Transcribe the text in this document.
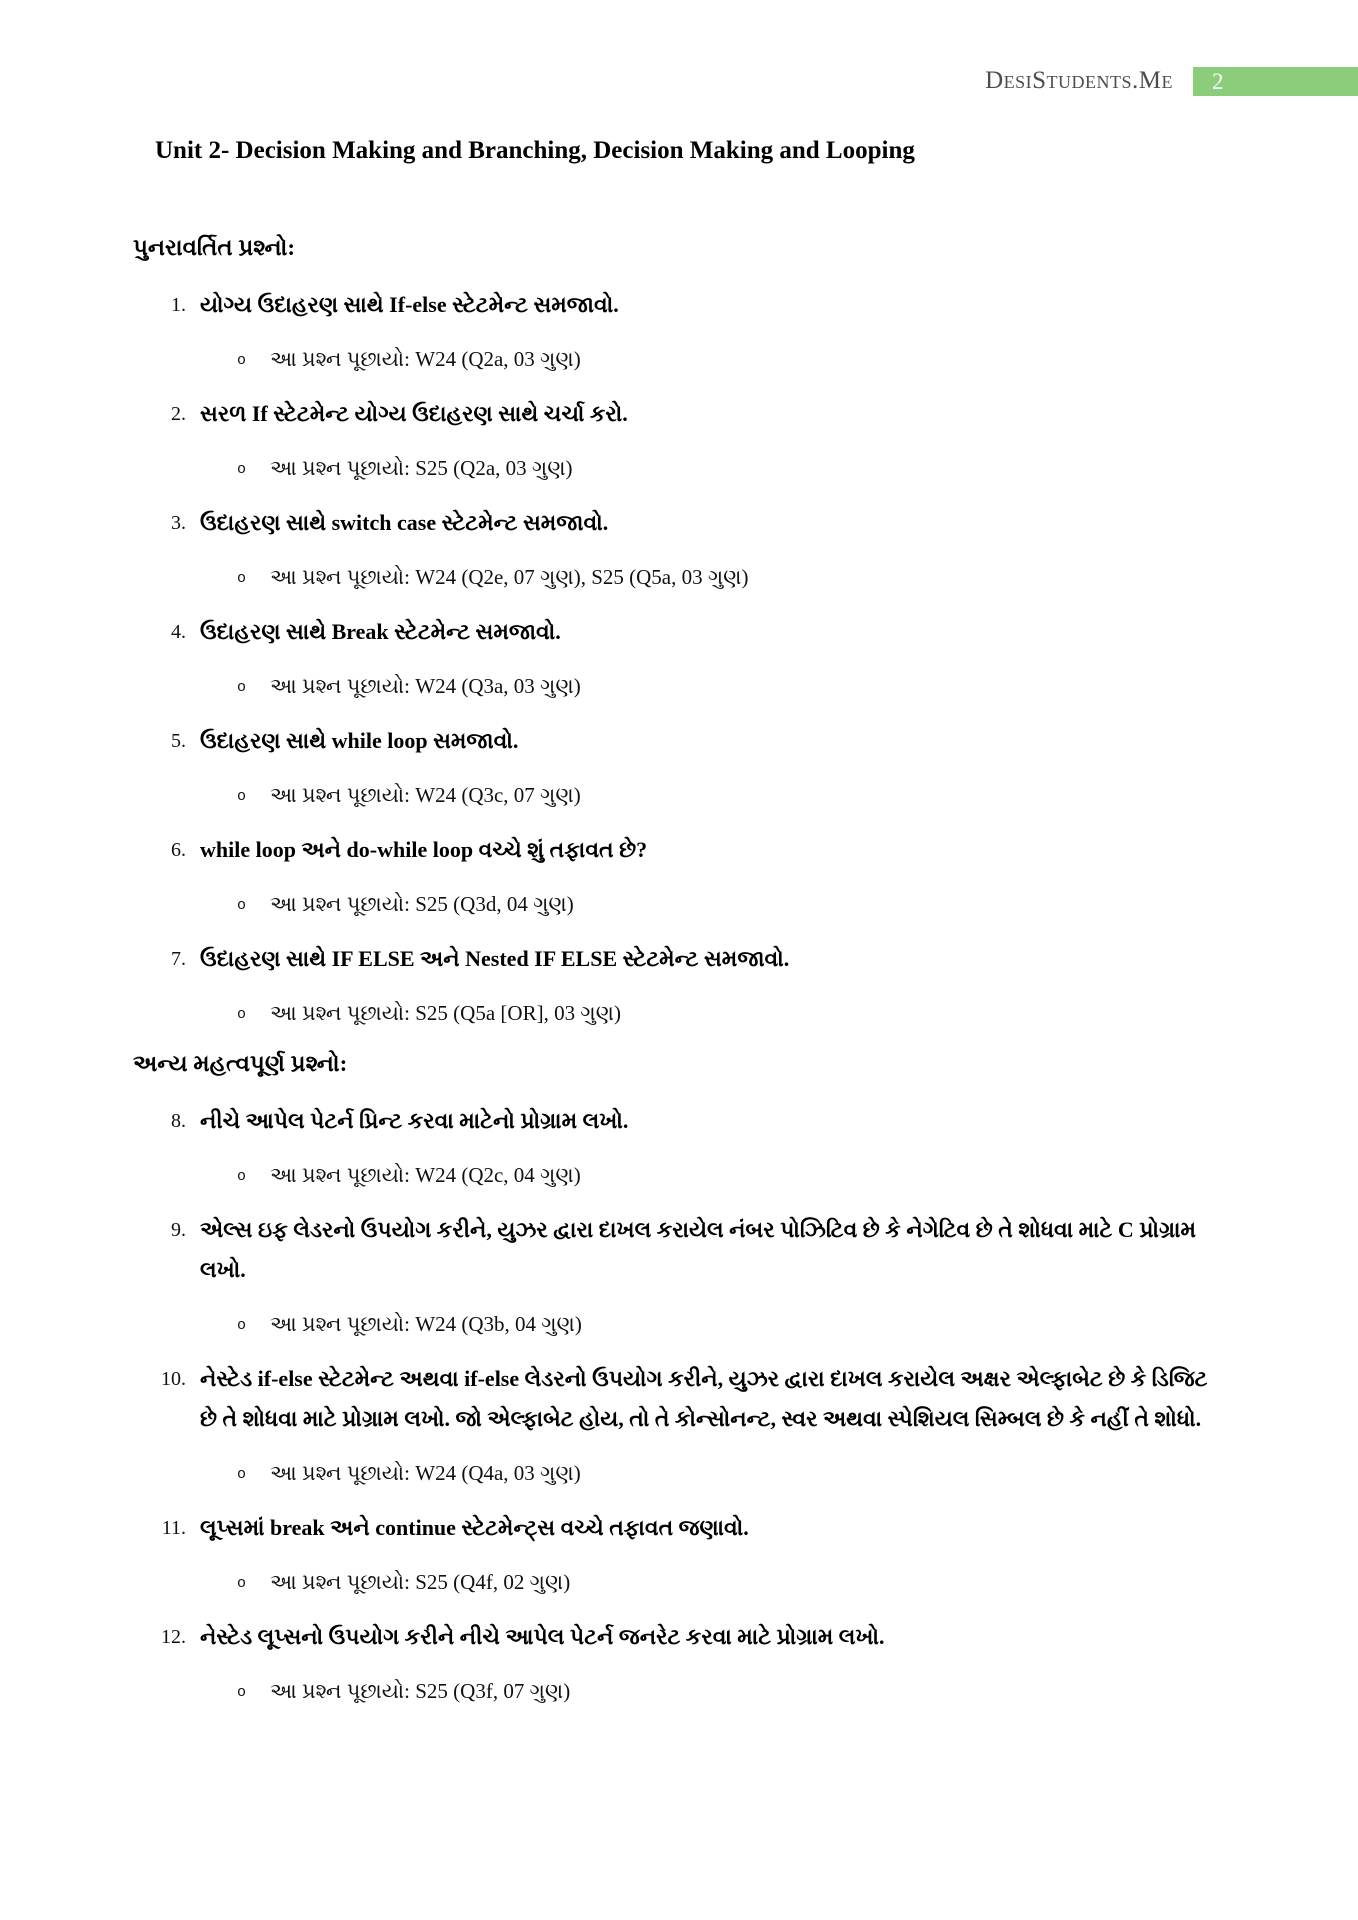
DesiStudents.Me 2
Unit 2- Decision Making and Branching, Decision Making and Looping
પુનરાવર્તિત પ્રશ્નો:
1. યોગ્ય ઉદાહરણ સાથે If-else સ્ટેટમેન્ટ સમજાવો.

o આ પ્રશ્ન પૂછાયો: W24 (Q2a, 03 ગુણ)

2. સરળ If સ્ટેટમેન્ટ યોગ્ય ઉદાહરણ સાથે ચર્ચા કરો.

o આ પ્રશ્ન પૂછાયો: S25 (Q2a, 03 ગુણ)

3. ઉદાહરણ સાથે switch case સ્ટેટમેન્ટ સમજાવો.

o આ પ્રશ્ન પૂછાયો: W24 (Q2e, 07 ગુણ), S25 (Q5a, 03 ગુણ)

4. ઉદાહરણ સાથે Break સ્ટેટમેન્ટ સમજાવો.

o આ પ્રશ્ન પૂછાયો: W24 (Q3a, 03 ગુણ)

5. ઉદાહરણ સાથે while loop સમજાવો.

o આ પ્રશ્ન પૂછાયો: W24 (Q3c, 07 ગુણ)

6. while loop અને do-while loop વચ્ચે શું તફાવત છે?

o આ પ્રશ્ન પૂછાયો: S25 (Q3d, 04 ગુણ)

7. ઉદાહરણ સાથે IF ELSE અને Nested IF ELSE સ્ટેટમેન્ટ સમજાવો.

o આ પ્રશ્ન પૂછાયો: S25 (Q5a [OR], 03 ગુણ)

અન્ય મહત્વપૂર્ણ પ્રશ્નો:
8. નીચે આપેલ પેટર્ન પ્રિન્ટ કરવા માટેનો પ્રોગ્રામ લખો.

o આ પ્રશ્ન પૂછાયો: W24 (Q2c, 04 ગુણ)

9. એલ્સ ઇફ લેડરનો ઉપયોગ કરીને, યુઝર દ્વારા દાખલ કરાયેલ નંબર પોઝિટિવ છે કે નેગેટિવ છે તે શોધવા માટે C પ્રોગ્રામ લખો.

o આ પ્રશ્ન પૂછાયો: W24 (Q3b, 04 ગુણ)

10. નેસ્ટેડ if-else સ્ટેટમેન્ટ અથવા if-else લેડરનો ઉપયોગ કરીને, યુઝર દ્વારા દાખલ કરાયેલ અક્ષર એલ્ફાબેટ છે કે ડિજિટ છે તે શોધવા માટે પ્રોગ્રામ લખો. જો એલ્ફાબેટ હોય, તો તે કોન્સોનન્ટ, સ્વર અથવા સ્પેશિયલ સિમ્બલ છે કે નહીં તે શોધો.

o આ પ્રશ્ન પૂછાયો: W24 (Q4a, 03 ગુણ)

11. લૂપ્સમાં break અને continue સ્ટેટમેન્ટ્સ વચ્ચે તફાવત જણાવો.

o આ પ્રશ્ન પૂછાયો: S25 (Q4f, 02 ગુણ)

12. નેસ્ટેડ લૂપ્સનો ઉપયોગ કરીને નીચે આપેલ પેટર્ન જનરેટ કરવા માટે પ્રોગ્રામ લખો.

o આ પ્રશ્ન પૂછાયો: S25 (Q3f, 07 ગુણ)
